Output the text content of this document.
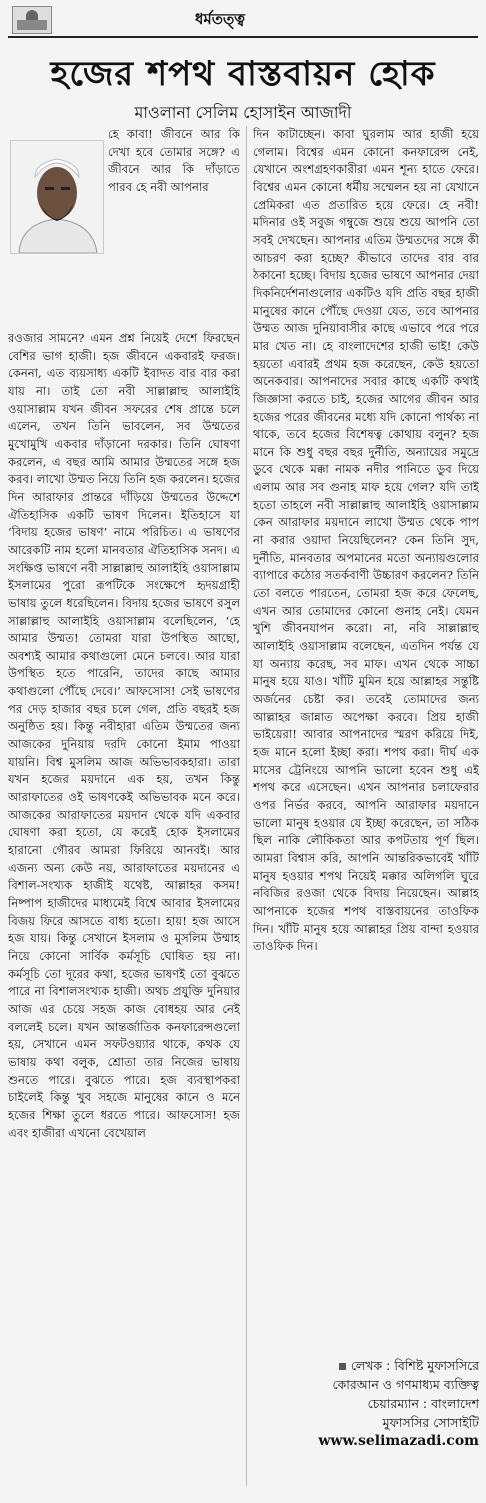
ধর্মতত্ত্ব
হজের শপথ বাস্তবায়ন হোক
মাওলানা সেলিম হোসাইন আজাদী

হে কাবা! জীবনে আর কি দেখা হবে তোমার সঙ্গে? এ জীবনে আর কি দাঁড়াতে পারব হে নবী আপনার

রওজার সামনে? এমন প্রশ্ন নিয়েই দেশে ফিরছেন বেশির ভাগ হাজী। হজ জীবনে একবারই ফরজ। কেননা, এত ব্যয়সাধ্য একটি ইবাদত বার বার করা যায় না। তাই তো নবী সাল্লাল্লাহু আলাইহি ওয়াসাল্লাম যখন জীবন সফরের শেষ প্রান্তে চলে এলেন, তখন তিনি ভাবলেন, সব উম্মতের মুখোমুখি একবার দাঁড়ানো দরকার। তিনি ঘোষণা করলেন, এ বছর আমি আমার উম্মতের সঙ্গে হজ করব। লাখো উম্মত নিয়ে তিনি হজ করলেন। হজের দিন আরাফার প্রান্তরে দাঁড়িয়ে উম্মতের উদ্দেশে ঐতিহাসিক একটি ভাষণ দিলেন। ইতিহাসে যা ‘বিদায় হজের ভাষণ’ নামে পরিচিত। এ ভাষণের আরেকটি নাম হলো মানবতার ঐতিহাসিক সনদ। এ সংক্ষিপ্ত ভাষণে নবী সাল্লাল্লাহু আলাইহি ওয়াসাল্লাম ইসলামের পুরো রূপটিকে সংক্ষেপে হৃদয়গ্রাহী ভাষায় তুলে ধরেছিলেন। বিদায় হজের ভাষণে রসুল সাল্লাল্লাহু আলাইহি ওয়াসাল্লাম বলেছিলেন, ‘হে আমার উম্মত! তোমরা যারা উপস্থিত আছো, অবশ্যই আমার কথাগুলো মেনে চলবে। আর যারা উপস্থিত হতে পারেনি, তাদের কাছে আমার কথাগুলো পৌঁছে দেবে।’ আফসোস! সেই ভাষণের পর দেড় হাজার বছর চলে গেল, প্রতি বছরই হজ অনুষ্ঠিত হয়। কিন্তু নবীহারা এতিম উম্মতের জন্য আজকের দুনিয়ায় দরদি কোনো ইমাম পাওয়া যায়নি। বিশ্ব মুসলিম আজ অভিভাবকহারা। তারা যখন হজের ময়দানে এক হয়, তখন কিন্তু আরাফাতের ওই ভাষণকেই অভিভাবক মনে করে। আজকের আরাফাতের ময়দান থেকে যদি একবার ঘোষণা করা হতো, যে করেই হোক ইসলামের হারানো গৌরব আমরা ফিরিয়ে আনবই। আর এজন্য অন্য কেউ নয়, আরাফাতের ময়দানের এ বিশাল-সংখ্যক হাজীই যথেষ্ট, আল্লাহর কসম! নিষ্পাপ হাজীদের মাধ্যমেই বিশ্বে আবার ইসলামের বিজয় ফিরে আসতে বাধ্য হতো। হায়! হজ আসে হজ যায়। কিন্তু সেখানে ইসলাম ও মুসলিম উম্মাহ নিয়ে কোনো সার্বিক কর্মসূচি ঘোষিত হয় না। কর্মসূচি তো দূরের কথা, হজের ভাষণই তো বুঝতে পারে না বিশালসংখ্যক হাজী। অথচ প্রযুক্তি দুনিয়ার আজ এর চেয়ে সহজ কাজ বোধহয় আর নেই বললেই চলে। যখন আন্তর্জাতিক কনফারেন্সগুলো হয়, সেখানে এমন সফটওয়্যার থাকে, কথক যে ভাষায় কথা বলুক, শ্রোতা তার নিজের ভাষায় শুনতে পারে। বুঝতে পারে। হজ ব্যবস্থাপকরা চাইলেই কিন্তু খুব সহজে মানুষের কানে ও মনে হজের শিক্ষা তুলে ধরতে পারে। আফসোস! হজ এবং হাজীরা এখনো বেখেয়াল

দিন কাটাচ্ছেন। কাবা ঘুরলাম আর হাজী হয়ে গেলাম। বিশ্বের এমন কোনো কনফারেন্স নেই, যেখানে অংশগ্রহণকারীরা এমন শূন্য হাতে ফেরে। বিশ্বের এমন কোনো ধর্মীয় সম্মেলন হয় না যেখানে প্রেমিকরা এত প্রতারিত হয়ে ফেরে। হে নবী! মদিনার ওই সবুজ গম্বুজে শুয়ে শুয়ে আপনি তো সবই দেখছেন। আপনার এতিম উম্মতদের সঙ্গে কী আচরণ করা হচ্ছে? কীভাবে তাদের বার বার ঠকানো হচ্ছে। বিদায় হজের ভাষণে আপনার দেয়া দিকনির্দেশনাগুলোর একটিও যদি প্রতি বছর হাজী মানুষের কানে পৌঁছে দেওয়া যেত, তবে আপনার উম্মত আজ দুনিয়াবাসীর কাছে এভাবে পরে পরে মার খেত না। হে বাংলাদেশের হাজী ভাই! কেউ হয়তো এবারই প্রথম হজ করেছেন, কেউ হয়তো অনেকবার। আপনাদের সবার কাছে একটি কথাই জিজ্ঞাসা করতে চাই, হজের আগের জীবন আর হজের পরের জীবনের মধ্যে যদি কোনো পার্থক্য না থাকে, তবে হজের বিশেষত্ব কোথায় বলুন? হজ মানে কি শুধু বছর বছর দুর্নীতি, অন্যায়ের সমুদ্রে ডুবে থেকে মক্কা নামক নদীর পানিতে ডুব দিয়ে এলাম আর সব গুনাহ মাফ হয়ে গেল? যদি তাই হতো তাহলে নবী সাল্লাল্লাহু আলাইহি ওয়াসাল্লাম কেন আরাফার ময়দানে লাখো উম্মত থেকে পাপ না করার ওয়াদা নিয়েছিলেন? কেন তিনি সুদ, দুর্নীতি, মানবতার অপমানের মতো অন্যায়গুলোর ব্যাপারে কঠোর সতর্কবাণী উচ্চারণ করলেন? তিনি তো বলতে পারতেন, তোমরা হজ করে ফেলেছ, এখন আর তোমাদের কোনো গুনাহ নেই। যেমন খুশি জীবনযাপন করো। না, নবি সাল্লাল্লাহু আলাইহি ওয়াসাল্লাম বলেছেন, এতদিন পর্যন্ত যে যা অন্যায় করেছ, সব মাফ। এখন থেকে সাচ্চা মানুষ হয়ে যাও। খাঁটি মুমিন হয়ে আল্লাহর সন্তুষ্টি অর্জনের চেষ্টা কর। তবেই তোমাদের জন্য আল্লাহর জান্নাত অপেক্ষা করবে। প্রিয় হাজী ভাইয়েরা! আবার আপনাদের স্মরণ করিয়ে দিই, হজ মানে হলো ইচ্ছা করা। শপথ করা। দীর্ঘ এক মাসের ট্রেনিংয়ে আপনি ভালো হবেন শুধু এই শপথ করে এসেছেন। এখন আপনার চলাফেরার ওপর নির্ভর করবে, আপনি আরাফার ময়দানে ভালো মানুষ হওয়ার যে ইচ্ছা করেছেন, তা সঠিক ছিল নাকি লৌকিকতা আর কপটতায় পূর্ণ ছিল। আমরা বিশ্বাস করি, আপনি আন্তরিকভাবেই খাঁটি মানুষ হওয়ার শপথ নিয়েই মক্কার অলিগলি ঘুরে নবিজির রওজা থেকে বিদায় নিয়েছেন। আল্লাহ আপনাকে হজের শপথ বাস্তবায়নের তাওফিক দিন। খাঁটি মানুষ হয়ে আল্লাহর প্রিয় বান্দা হওয়ার তাওফিক দিন।

লেখক : বিশিষ্ট মুফাসসিরে
কোরআন ও গণমাধ্যম ব্যক্তিত্ব
চেয়ারম্যান : বাংলাদেশ
মুফাসসির সোসাইটি
www.selimazadi.com
